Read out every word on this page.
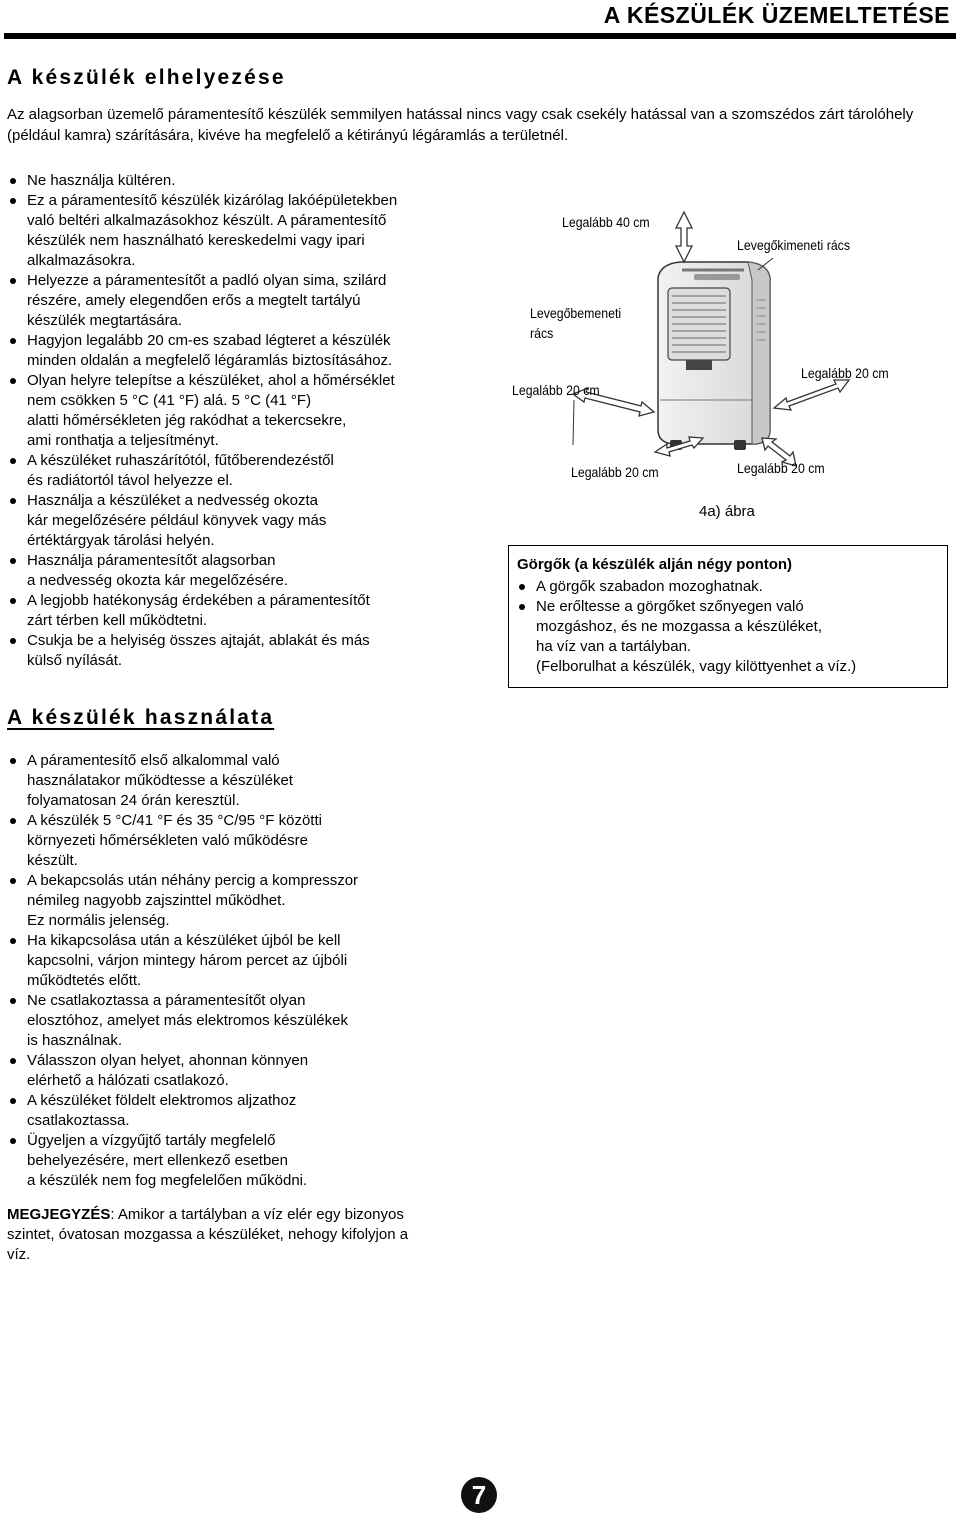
A KÉSZÜLÉK ÜZEMELTETÉSE
A készülék elhelyezése

Az alagsorban üzemelő páramentesítő készülék semmilyen hatással nincs vagy csak csekély hatással van a szomszédos zárt tárolóhely (például kamra) szárítására, kivéve ha megfelelő a kétirányú légáramlás a területnél.

Ne használja kültéren.
Ez a páramentesítő készülék kizárólag lakóépületekben
való beltéri alkalmazásokhoz készült. A páramentesítő
készülék nem használható kereskedelmi vagy ipari
alkalmazásokra.
Helyezze a páramentesítőt a padló olyan sima, szilárd
részére, amely elegendően erős a megtelt tartályú
készülék megtartására.
Hagyjon legalább 20 cm-es szabad légteret a készülék
minden oldalán a megfelelő légáramlás biztosításához.
Olyan helyre telepítse a készüléket, ahol a hőmérséklet
nem csökken 5 °C (41 °F) alá. 5 °C (41 °F)
alatti hőmérsékleten jég rakódhat a tekercsekre,
ami ronthatja a teljesítményt.
A készüléket ruhaszárítótól, fűtőberendezéstől
és radiátortól távol helyezze el.
Használja a készüléket a nedvesség okozta
kár megelőzésére például könyvek vagy más
értéktárgyak tárolási helyén.
Használja páramentesítőt alagsorban
a nedvesség okozta kár megelőzésére.
A legjobb hatékonyság érdekében a páramentesítőt
zárt térben kell működtetni.
Csukja be a helyiség összes ajtaját, ablakát és más
külső nyílását.
Legalább 40 cm
Levegőkimeneti rács
Levegőbemeneti
rács
Legalább 20 cm
Legalább 20 cm
Legalább 20 cm	Legalább 20 cm
4a) ábra
Görgők (a készülék alján négy ponton)
A görgők szabadon mozoghatnak.
Ne erőltesse a görgőket szőnyegen való
mozgáshoz, és ne mozgassa a készüléket,
ha víz van a tartályban.
(Felborulhat a készülék, vagy kilöttyenhet a víz.)
A készülék használata
A páramentesítő első alkalommal való
használatakor működtesse a készüléket
folyamatosan 24 órán keresztül.
A készülék 5 °C/41 °F és 35 °C/95 °F közötti
környezeti hőmérsékleten való működésre
készült.
A bekapcsolás után néhány percig a kompresszor
némileg nagyobb zajszinttel működhet.
Ez normális jelenség.
Ha kikapcsolása után a készüléket újból be kell
kapcsolni, várjon mintegy három percet az újbóli
működtetés előtt.
Ne csatlakoztassa a páramentesítőt olyan
elosztóhoz, amelyet más elektromos készülékek
is használnak.
Válasszon olyan helyet, ahonnan könnyen
elérhető a hálózati csatlakozó.
A készüléket földelt elektromos aljzathoz
csatlakoztassa.
Ügyeljen a vízgyűjtő tartály megfelelő
behelyezésére, mert ellenkező esetben
a készülék nem fog megfelelően működni.

MEGJEGYZÉS: Amikor a tartályban a víz elér egy bizonyos szintet, óvatosan mozgassa a készüléket, nehogy kifolyjon a víz.

7
